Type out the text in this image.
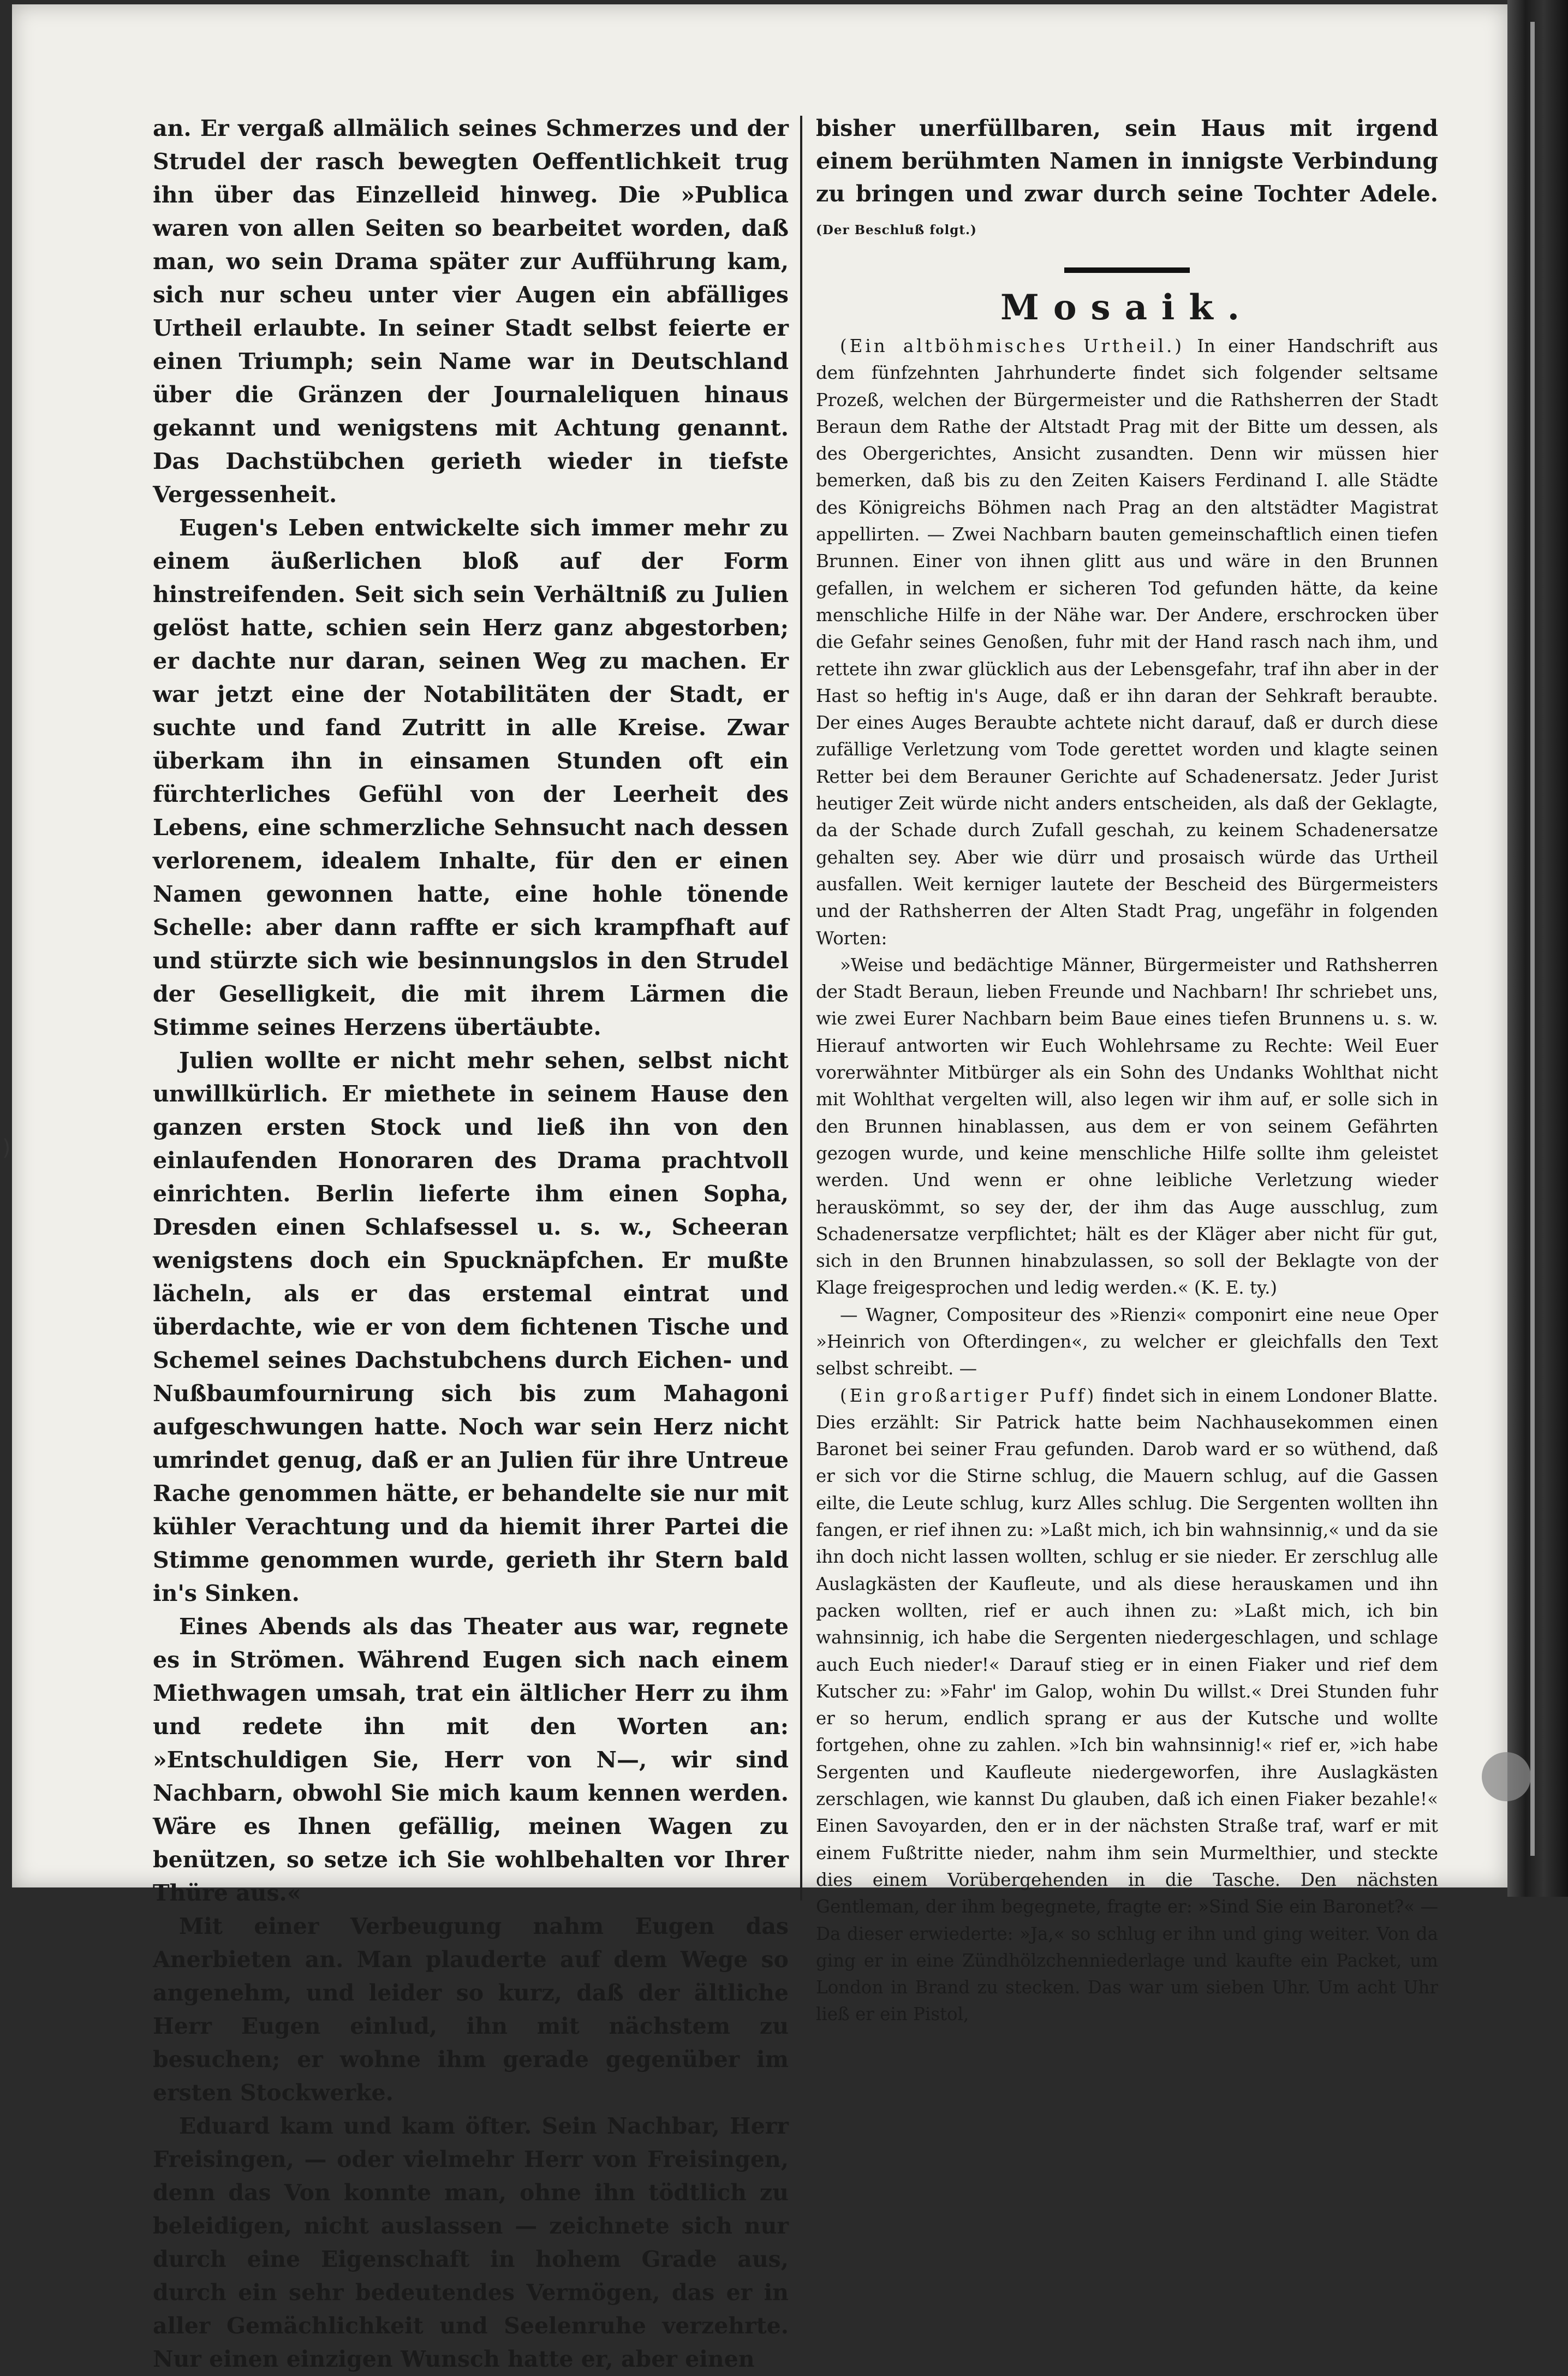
)

an. Er vergaß allmälich seines Schmerzes und der Strudel der rasch bewegten Oeffentlichkeit trug ihn über das Einzelleid hinweg. Die »Publica waren von allen Seiten so bearbeitet worden, daß man, wo sein Drama später zur Aufführung kam, sich nur scheu unter vier Augen ein abfälliges Urtheil erlaubte. In seiner Stadt selbst feierte er einen Triumph; sein Name war in Deutschland über die Gränzen der Journaleliquen hinaus gekannt und wenigstens mit Achtung genannt. Das Dachstübchen gerieth wieder in tiefste Vergessenheit.

Eugen's Leben entwickelte sich immer mehr zu einem äußerlichen bloß auf der Form hinstreifenden. Seit sich sein Verhältniß zu Julien gelöst hatte, schien sein Herz ganz abgestorben; er dachte nur daran, seinen Weg zu machen. Er war jetzt eine der Notabilitäten der Stadt, er suchte und fand Zutritt in alle Kreise. Zwar überkam ihn in einsamen Stunden oft ein fürchterliches Gefühl von der Leerheit des Lebens, eine schmerzliche Sehnsucht nach dessen verlorenem, idealem Inhalte, für den er einen Namen gewonnen hatte, eine hohle tönende Schelle: aber dann raffte er sich krampfhaft auf und stürzte sich wie besinnungslos in den Strudel der Geselligkeit, die mit ihrem Lärmen die Stimme seines Herzens übertäubte.

Julien wollte er nicht mehr sehen, selbst nicht unwillkürlich. Er miethete in seinem Hause den ganzen ersten Stock und ließ ihn von den einlaufenden Honoraren des Drama prachtvoll einrichten. Berlin lieferte ihm einen Sopha, Dresden einen Schlafsessel u. s. w., Scheeran wenigstens doch ein Spucknäpfchen. Er mußte lächeln, als er das erstemal eintrat und überdachte, wie er von dem fichtenen Tische und Schemel seines Dachstubchens durch Eichen- und Nußbaumfournirung sich bis zum Mahagoni aufgeschwungen hatte. Noch war sein Herz nicht umrindet genug, daß er an Julien für ihre Untreue Rache genommen hätte, er behandelte sie nur mit kühler Verachtung und da hiemit ihrer Partei die Stimme genommen wurde, gerieth ihr Stern bald in's Sinken.

Eines Abends als das Theater aus war, regnete es in Strömen. Während Eugen sich nach einem Miethwagen umsah, trat ein ältlicher Herr zu ihm und redete ihn mit den Worten an: »Entschuldigen Sie, Herr von N—, wir sind Nachbarn, obwohl Sie mich kaum kennen werden. Wäre es Ihnen gefällig, meinen Wagen zu benützen, so setze ich Sie wohlbehalten vor Ihrer Thüre aus.«

Mit einer Verbeugung nahm Eugen das Anerbieten an. Man plauderte auf dem Wege so angenehm, und leider so kurz, daß der ältliche Herr Eugen einlud, ihn mit nächstem zu besuchen; er wohne ihm gerade gegenüber im ersten Stockwerke.

Eduard kam und kam öfter. Sein Nachbar, Herr Freisingen, — oder vielmehr Herr von Freisingen, denn das Von konnte man, ohne ihn tödtlich zu beleidigen, nicht auslassen — zeichnete sich nur durch eine Eigenschaft in hohem Grade aus, durch ein sehr bedeutendes Vermögen, das er in aller Gemächlichkeit und Seelenruhe verzehrte. Nur einen einzigen Wunsch hatte er, aber einen

bisher unerfüllbaren, sein Haus mit irgend einem berühmten Namen in innigste Verbindung zu bringen und zwar durch seine Tochter Adele. (Der Beschluß folgt.)

Mosaik.

(Ein altböhmisches Urtheil.) In einer Handschrift aus dem fünfzehnten Jahrhunderte findet sich folgender seltsame Prozeß, welchen der Bürgermeister und die Rathsherren der Stadt Beraun dem Rathe der Altstadt Prag mit der Bitte um dessen, als des Obergerichtes, Ansicht zusandten. Denn wir müssen hier bemerken, daß bis zu den Zeiten Kaisers Ferdinand I. alle Städte des Königreichs Böhmen nach Prag an den altstädter Magistrat appellirten. — Zwei Nachbarn bauten gemeinschaftlich einen tiefen Brunnen. Einer von ihnen glitt aus und wäre in den Brunnen gefallen, in welchem er sicheren Tod gefunden hätte, da keine menschliche Hilfe in der Nähe war. Der Andere, erschrocken über die Gefahr seines Genoßen, fuhr mit der Hand rasch nach ihm, und rettete ihn zwar glücklich aus der Lebensgefahr, traf ihn aber in der Hast so heftig in's Auge, daß er ihn daran der Sehkraft beraubte. Der eines Auges Beraubte achtete nicht darauf, daß er durch diese zufällige Verletzung vom Tode gerettet worden und klagte seinen Retter bei dem Berauner Gerichte auf Schadenersatz. Jeder Jurist heutiger Zeit würde nicht anders entscheiden, als daß der Geklagte, da der Schade durch Zufall geschah, zu keinem Schadenersatze gehalten sey. Aber wie dürr und prosaisch würde das Urtheil ausfallen. Weit kerniger lautete der Bescheid des Bürgermeisters und der Rathsherren der Alten Stadt Prag, ungefähr in folgenden Worten:

»Weise und bedächtige Männer, Bürgermeister und Rathsherren der Stadt Beraun, lieben Freunde und Nachbarn! Ihr schriebet uns, wie zwei Eurer Nachbarn beim Baue eines tiefen Brunnens u. s. w. Hierauf antworten wir Euch Wohlehrsame zu Rechte: Weil Euer vorerwähnter Mitbürger als ein Sohn des Undanks Wohlthat nicht mit Wohlthat vergelten will, also legen wir ihm auf, er solle sich in den Brunnen hinablassen, aus dem er von seinem Gefährten gezogen wurde, und keine menschliche Hilfe sollte ihm geleistet werden. Und wenn er ohne leibliche Verletzung wieder herauskömmt, so sey der, der ihm das Auge ausschlug, zum Schadenersatze verpflichtet; hält es der Kläger aber nicht für gut, sich in den Brunnen hinabzulassen, so soll der Beklagte von der Klage freigesprochen und ledig werden.« (K. E. ty.)

— Wagner, Compositeur des »Rienzi« componirt eine neue Oper »Heinrich von Ofterdingen«, zu welcher er gleichfalls den Text selbst schreibt. —

(Ein großartiger Puff) findet sich in einem Londoner Blatte. Dies erzählt: Sir Patrick hatte beim Nachhausekommen einen Baronet bei seiner Frau gefunden. Darob ward er so wüthend, daß er sich vor die Stirne schlug, die Mauern schlug, auf die Gassen eilte, die Leute schlug, kurz Alles schlug. Die Sergenten wollten ihn fangen, er rief ihnen zu: »Laßt mich, ich bin wahnsinnig,« und da sie ihn doch nicht lassen wollten, schlug er sie nieder. Er zerschlug alle Auslagkästen der Kaufleute, und als diese herauskamen und ihn packen wollten, rief er auch ihnen zu: »Laßt mich, ich bin wahnsinnig, ich habe die Sergenten niedergeschlagen, und schlage auch Euch nieder!« Darauf stieg er in einen Fiaker und rief dem Kutscher zu: »Fahr' im Galop, wohin Du willst.« Drei Stunden fuhr er so herum, endlich sprang er aus der Kutsche und wollte fortgehen, ohne zu zahlen. »Ich bin wahnsinnig!« rief er, »ich habe Sergenten und Kaufleute niedergeworfen, ihre Auslagkästen zerschlagen, wie kannst Du glauben, daß ich einen Fiaker bezahle!« Einen Savoyarden, den er in der nächsten Straße traf, warf er mit einem Fußtritte nieder, nahm ihm sein Murmelthier, und steckte dies einem Vorübergehenden in die Tasche. Den nächsten Gentleman, der ihm begegnete, fragte er: »Sind Sie ein Baronet?« — Da dieser erwiederte: »Ja,« so schlug er ihn und ging weiter. Von da ging er in eine Zündhölzchenniederlage und kaufte ein Packet, um London in Brand zu stecken. Das war um sieben Uhr. Um acht Uhr ließ er ein Pistol,
